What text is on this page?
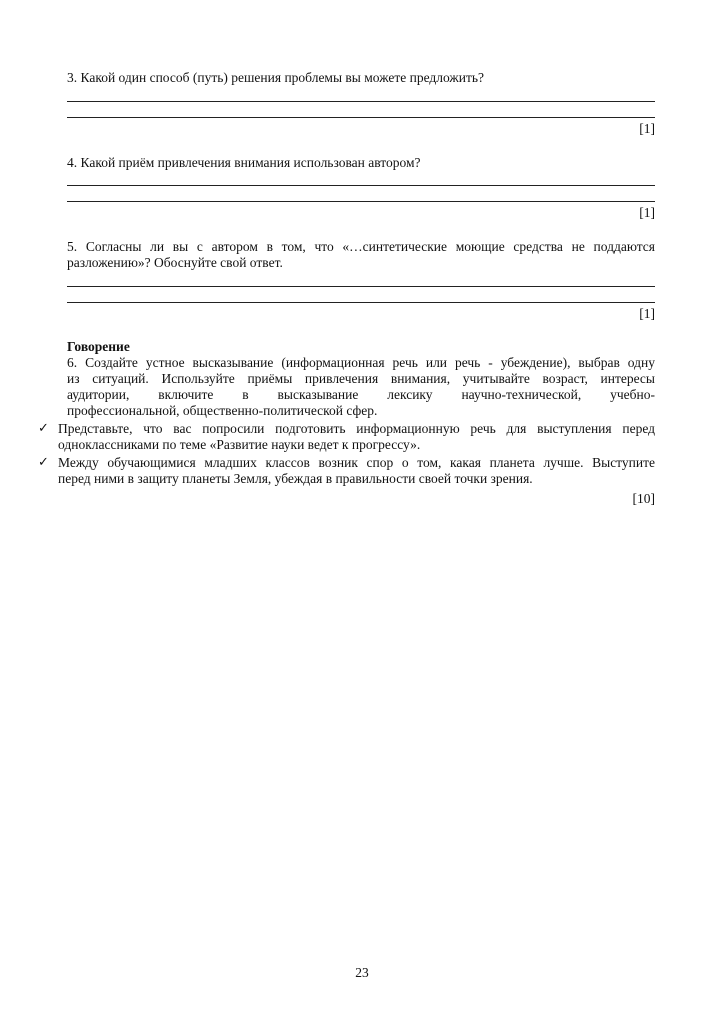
3. Какой один способ (путь) решения проблемы вы можете предложить?
[1]
4. Какой приём привлечения внимания использован автором?
[1]
5. Согласны ли вы с автором в том, что «…синтетические моющие средства не поддаются
разложению»? Обоснуйте свой ответ.
[1]
Говорение
6. Создайте устное высказывание (информационная речь или речь - убеждение), выбрав одну
из ситуаций. Используйте приёмы привлечения внимания, учитывайте возраст, интересы
аудитории, включите в высказывание лексику научно-технической, учебно-
профессиональной, общественно-политической сфер.
✓ Представьте, что вас попросили подготовить информационную речь для выступления перед
одноклассниками по теме «Развитие науки ведет к прогрессу».
✓ Между обучающимися младших классов возник спор о том, какая планета лучше. Выступите
перед ними в защиту планеты Земля, убеждая в правильности своей точки зрения.
[10]
23
